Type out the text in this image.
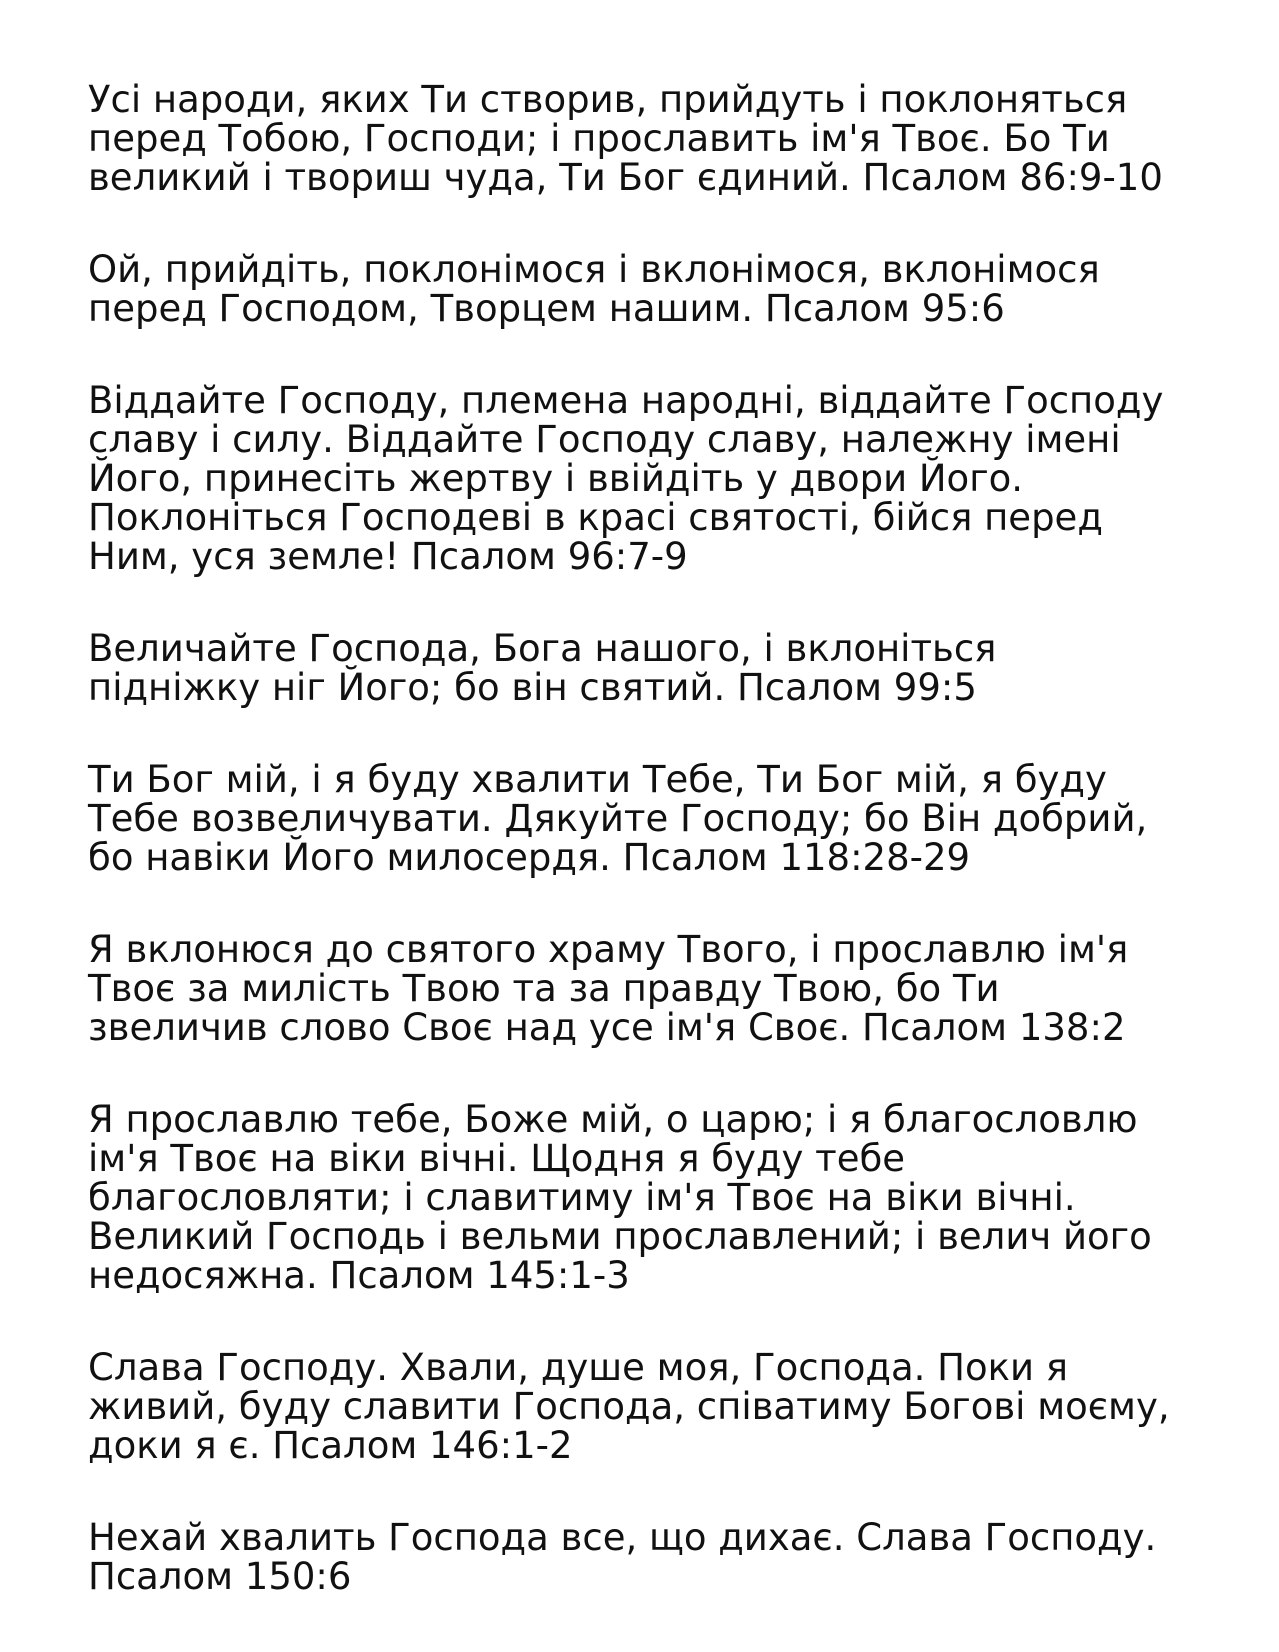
Усі народи, яких Ти створив, прийдуть і поклоняться
перед Тобою, Господи; і прославить ім'я Твоє. Бо Ти
великий і твориш чуда, Ти Бог єдиний. Псалом 86:9-10

Ой, прийдіть, поклонімося і вклонімося, вклонімося
перед Господом, Творцем нашим. Псалом 95:6

Віддайте Господу, племена народні, віддайте Господу
славу і силу. Віддайте Господу славу, належну імені
Його, принесіть жертву і ввійдіть у двори Його.
Поклоніться Господеві в красі святості, бійся перед
Ним, уся земле! Псалом 96:7-9

Величайте Господа, Бога нашого, і вклоніться
підніжку ніг Його; бо він святий. Псалом 99:5

Ти Бог мій, і я буду хвалити Тебе, Ти Бог мій, я буду
Тебе возвеличувати. Дякуйте Господу; бо Він добрий,
бо навіки Його милосердя. Псалом 118:28-29

Я вклонюся до святого храму Твого, і прославлю ім'я
Твоє за милість Твою та за правду Твою, бо Ти
звеличив слово Своє над усе ім'я Своє. Псалом 138:2

Я прославлю тебе, Боже мій, о царю; і я благословлю
ім'я Твоє на віки вічні. Щодня я буду тебе
благословляти; і славитиму ім'я Твоє на віки вічні.
Великий Господь і вельми прославлений; і велич його
недосяжна. Псалом 145:1-3

Слава Господу. Хвали, душе моя, Господа. Поки я
живий, буду славити Господа, співатиму Богові моєму,
доки я є. Псалом 146:1-2

Нехай хвалить Господа все, що дихає. Слава Господу.
Псалом 150:6
